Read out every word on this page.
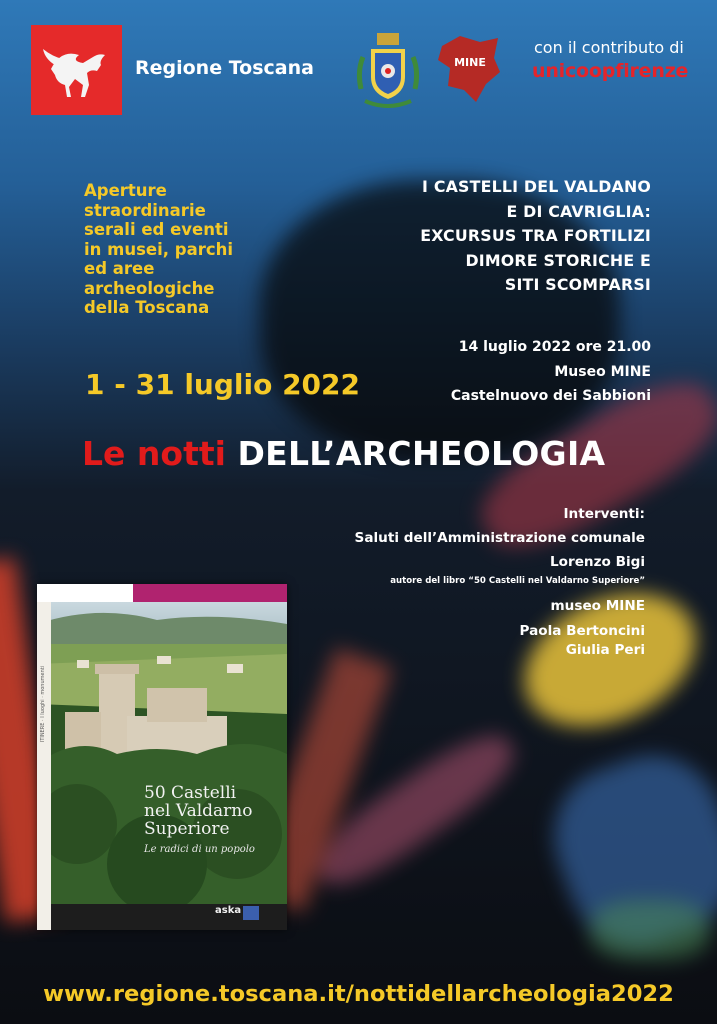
Regione Toscana	MINE
con il contributo di
unicoopfirenze
Aperture
straordinarie
serali ed eventi
in musei, parchi
ed aree
archeologiche
della Toscana
I CASTELLI DEL VALDANO
E DI CAVRIGLIA:
EXCURSUS TRA FORTILIZI
DIMORE STORICHE E
SITI SCOMPARSI
14 luglio 2022 ore 21.00
Museo MINE
Castelnuovo dei Sabbioni
1 - 31 luglio 2022
Le notti DELL’ARCHEOLOGIA
Interventi:
Saluti dell’Amministrazione comunale
Lorenzo Bigi
autore del libro “50 Castelli nel Valdarno Superiore”
museo MINE
Paola Bertoncini
Giulia Peri
ITINERE · I luoghi · monumenti
50 Castelli
nel Valdarno
Superiore
Le radici di un popolo
aska
www.regione.toscana.it/nottidellarcheologia2022
